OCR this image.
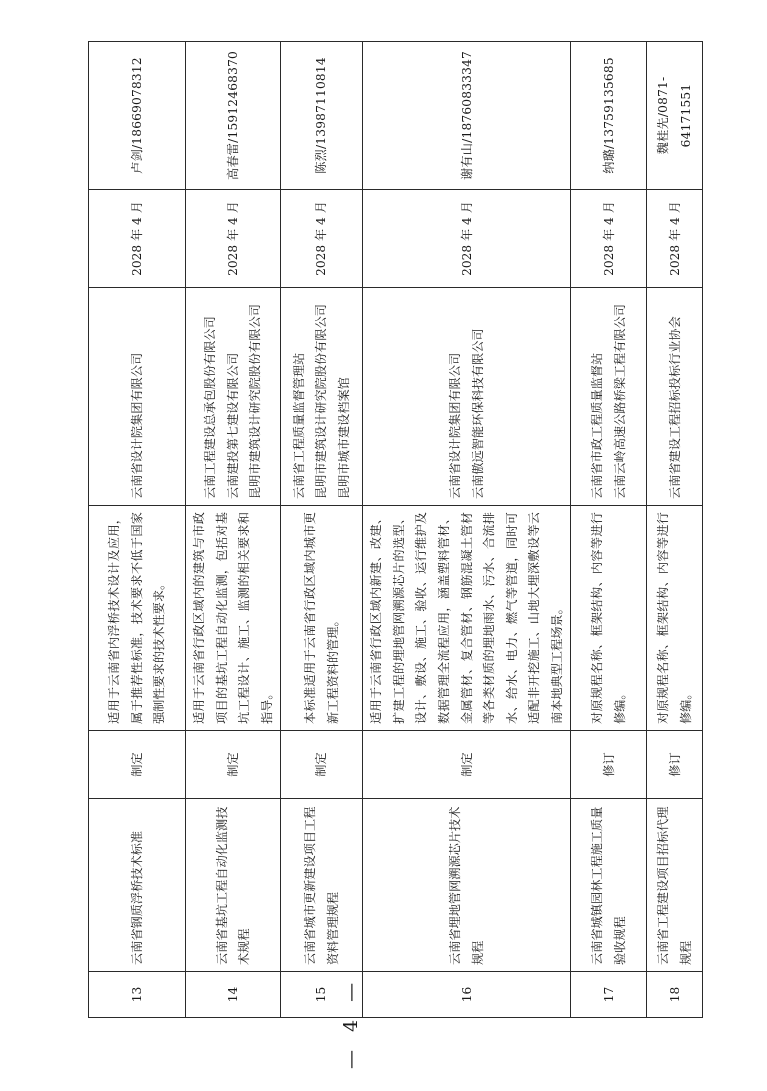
13	云南省钢质浮桥技术标准	制定	适用于云南省内浮桥技术设计及应用，属于推荐性标准，技术要求不低于国家强制性要求的技术性要求。	云南省设计院集团有限公司	2028 年 4 月	卢剑/18669078312
14	云南省基坑工程自动化监测技术规程	制定	适用于云南省行政区域内的建筑与市政项目的基坑工程自动化监测，包括对基坑工程设计、施工、监测的相关要求和指导。	云南工程建设总承包股份有限公司 云南建投第七建设有限公司 昆明市建筑设计研究院股份有限公司	2028 年 4 月	高春雷/15912468370
15	云南省城市更新建设项目工程资料管理规程	制定	本标准适用于云南省行政区域内城市更新工程资料的管理。	云南省工程质量监督管理站 昆明市建筑设计研究院股份有限公司 昆明市城市建设档案馆	2028 年 4 月	陈烈/13987110814
16	云南省埋地管网溯源芯片技术规程	制定	适用于云南省行政区域内新建、改建、扩建工程的埋地管网溯源芯片的选型、设计、敷设、施工、验收、运行维护及数据管理全流程应用，涵盖塑料管材、金属管材、复合管材、钢筋混凝土管材等各类材质的埋地雨水、污水、合流排水、给水、电力、燃气等管道，同时可适配非开挖施工、山地大埋深敷设等云南本地典型工程场景。	云南省设计院集团有限公司 云南傲远智能环保科技有限公司	2028 年 4 月	谢有山/18760833347
17	云南省城镇园林工程施工质量验收规程	修订	对原规程名称、框架结构、内容等进行修编。	云南省市政工程质量监督站 云南云岭高速公路桥梁工程有限公司	2028 年 4 月	纳璐/13759135685
18	云南省工程建设项目招标代理规程	修订	对原规程名称、框架结构、内容等进行修编。	云南省建设工程招标投标行业协会	2028 年 4 月	魏桂先/0871-64171551
— 4 —
